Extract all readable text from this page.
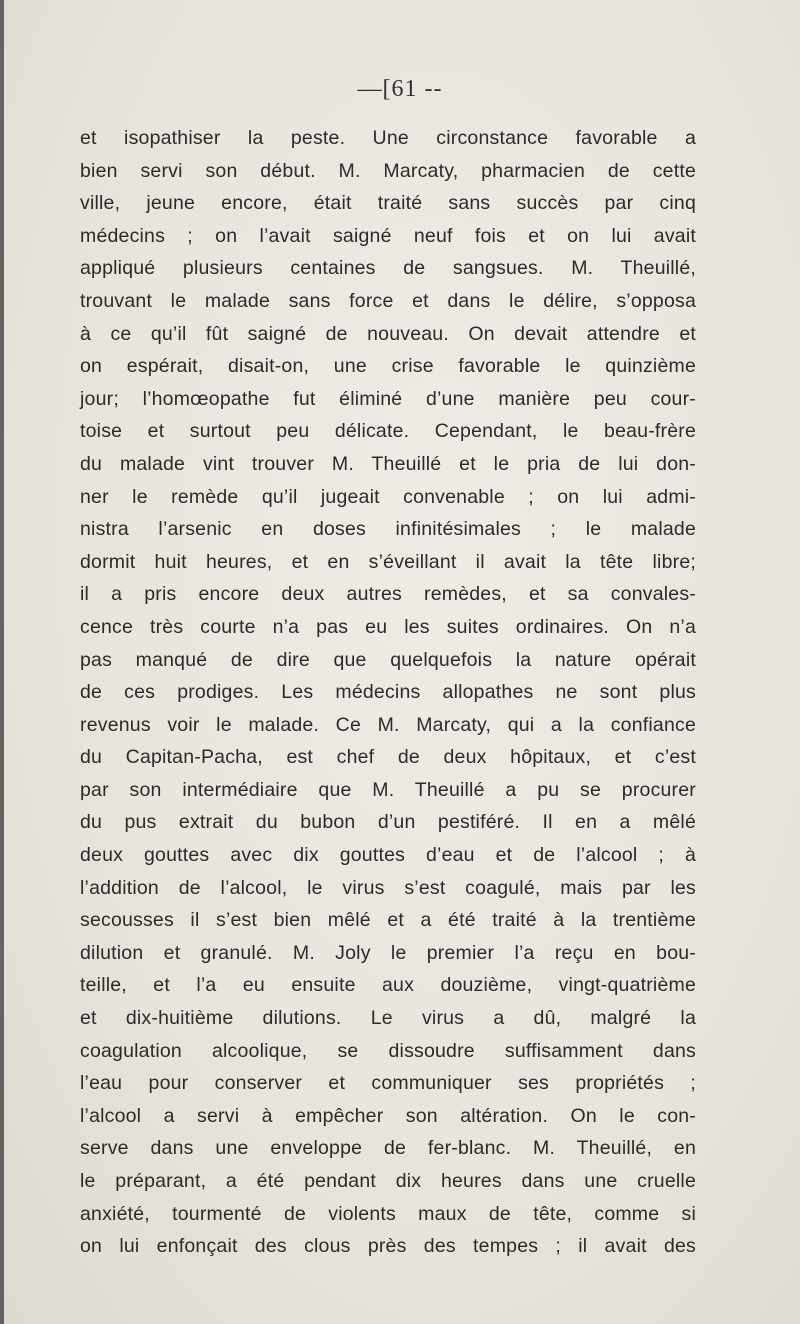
—[61 --
et isopathiser la peste. Une circonstance favorable a
bien servi son début. M. Marcaty, pharmacien de cette
ville, jeune encore, était traité sans succès par cinq
médecins ; on l’avait saigné neuf fois et on lui avait
appliqué plusieurs centaines de sangsues. M. Theuillé,
trouvant le malade sans force et dans le délire, s’opposa
à ce qu’il fût saigné de nouveau. On devait attendre et
on espérait, disait-on, une crise favorable le quinzième
jour; l’homœopathe fut éliminé d’une manière peu cour-
toise et surtout peu délicate. Cependant, le beau-frère
du malade vint trouver M. Theuillé et le pria de lui don-
ner le remède qu’il jugeait convenable ; on lui admi-
nistra l’arsenic en doses infinitésimales ; le malade
dormit huit heures, et en s’éveillant il avait la tête libre;
il a pris encore deux autres remèdes, et sa convales-
cence très courte n’a pas eu les suites ordinaires. On n’a
pas manqué de dire que quelquefois la nature opérait
de ces prodiges. Les médecins allopathes ne sont plus
revenus voir le malade. Ce M. Marcaty, qui a la confiance
du Capitan-Pacha, est chef de deux hôpitaux, et c’est
par son intermédiaire que M. Theuillé a pu se procurer
du pus extrait du bubon d’un pestiféré. Il en a mêlé
deux gouttes avec dix gouttes d’eau et de l’alcool ; à
l’addition de l’alcool, le virus s’est coagulé, mais par les
secousses il s’est bien mêlé et a été traité à la trentième
dilution et granulé. M. Joly le premier l’a reçu en bou-
teille, et l’a eu ensuite aux douzième, vingt-quatrième
et dix-huitième dilutions. Le virus a dû, malgré la
coagulation alcoolique, se dissoudre suffisamment dans
l’eau pour conserver et communiquer ses propriétés ;
l’alcool a servi à empêcher son altération. On le con-
serve dans une enveloppe de fer-blanc. M. Theuillé, en
le préparant, a été pendant dix heures dans une cruelle
anxiété, tourmenté de violents maux de tête, comme si
on lui enfonçait des clous près des tempes ; il avait des
